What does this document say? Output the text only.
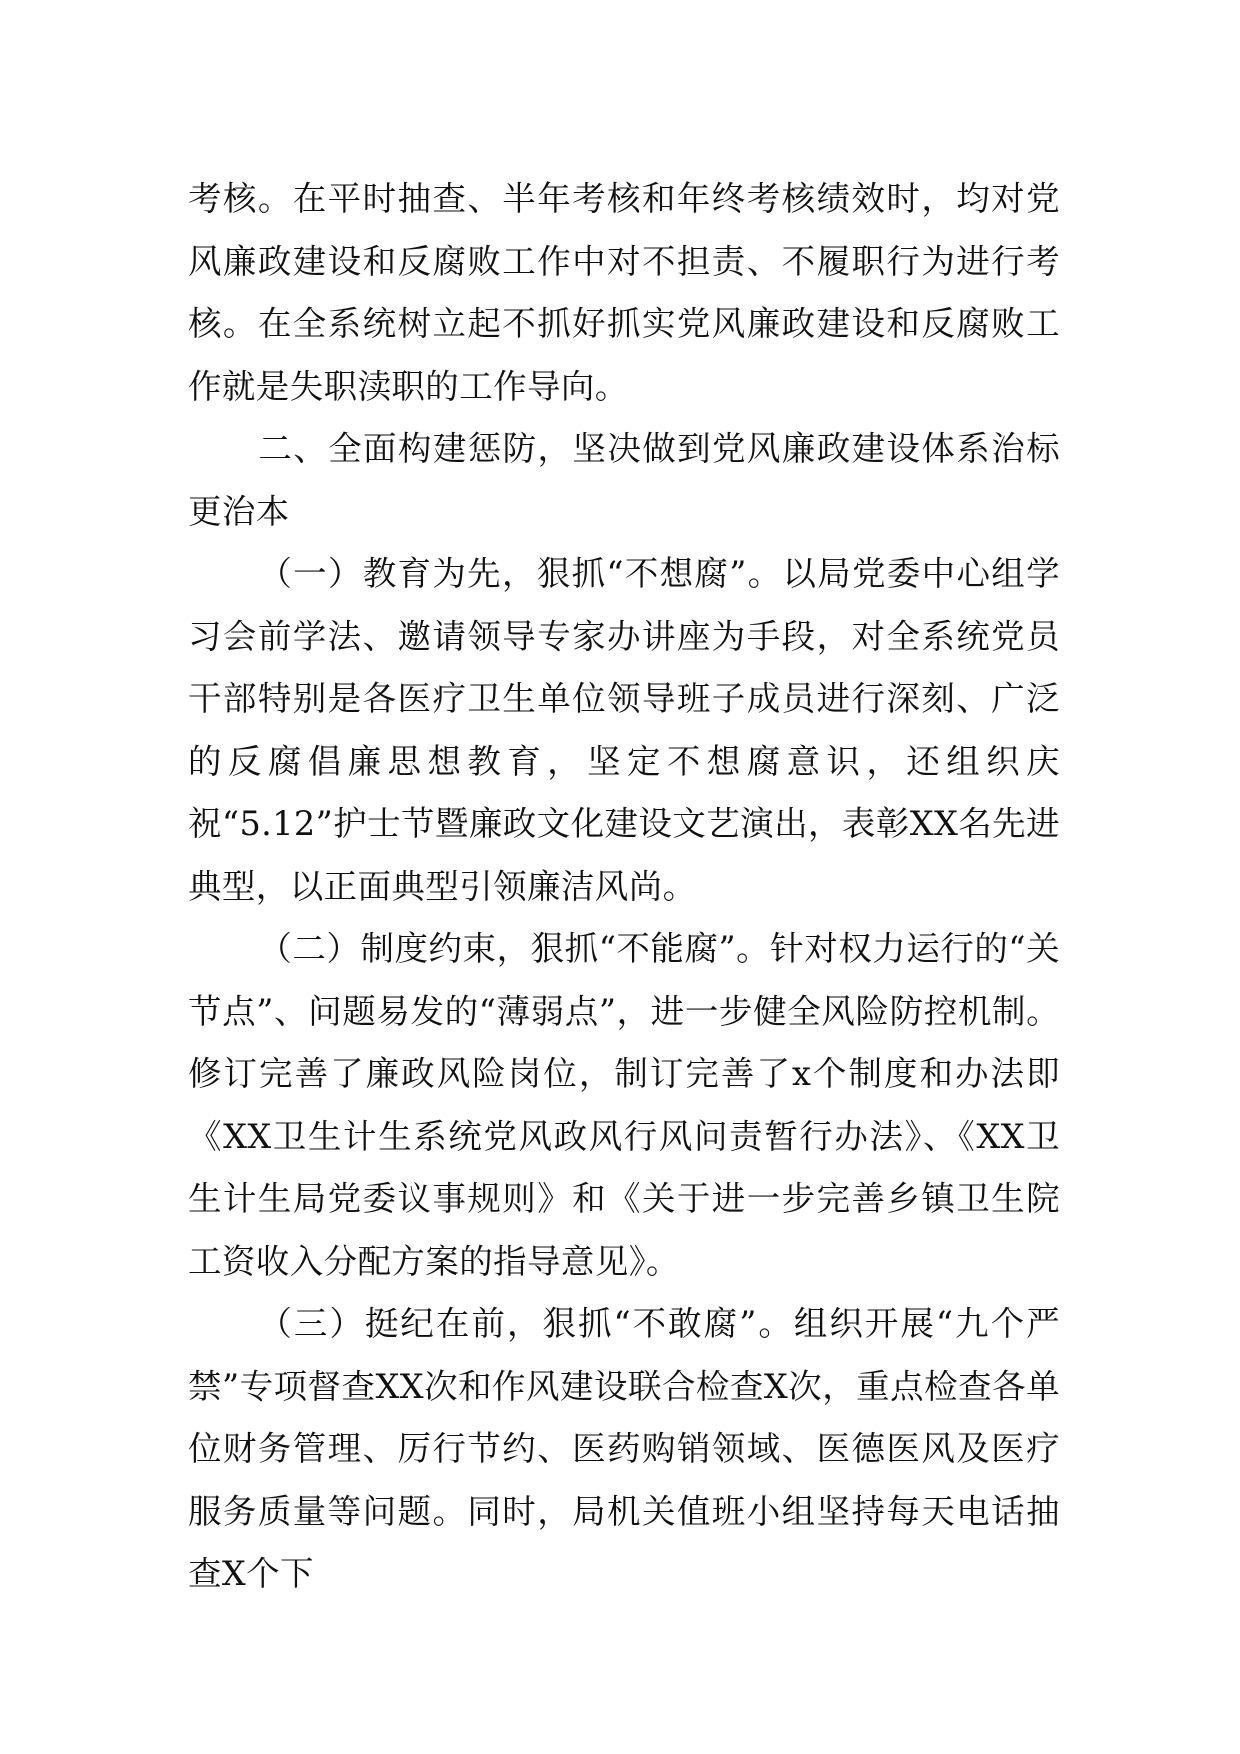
考核。在平时抽查、半年考核和年终考核绩效时，均对党风廉政建设和反腐败工作中对不担责、不履职行为进行考核。在全系统树立起不抓好抓实党风廉政建设和反腐败工作就是失职渎职的工作导向。

二、全面构建惩防，坚决做到党风廉政建设体系治标更治本

（一）教育为先，狠抓“不想腐”。以局党委中心组学习会前学法、邀请领导专家办讲座为手段，对全系统党员干部特别是各医疗卫生单位领导班子成员进行深刻、广泛的反腐倡廉思想教育，坚定不想腐意识，还组织庆祝“5.12”护士节暨廉政文化建设文艺演出，表彰XX名先进典型，以正面典型引领廉洁风尚。

（二）制度约束，狠抓“不能腐”。针对权力运行的“关节点”、问题易发的“薄弱点”，进一步健全风险防控机制。修订完善了廉政风险岗位，制订完善了x个制度和办法即《XX卫生计生系统党风政风行风问责暂行办法》、《XX卫生计生局党委议事规则》和《关于进一步完善乡镇卫生院工资收入分配方案的指导意见》。

（三）挺纪在前，狠抓“不敢腐”。组织开展“九个严禁”专项督查XX次和作风建设联合检查X次，重点检查各单位财务管理、厉行节约、医药购销领域、医德医风及医疗服务质量等问题。同时，局机关值班小组坚持每天电话抽查X个下
